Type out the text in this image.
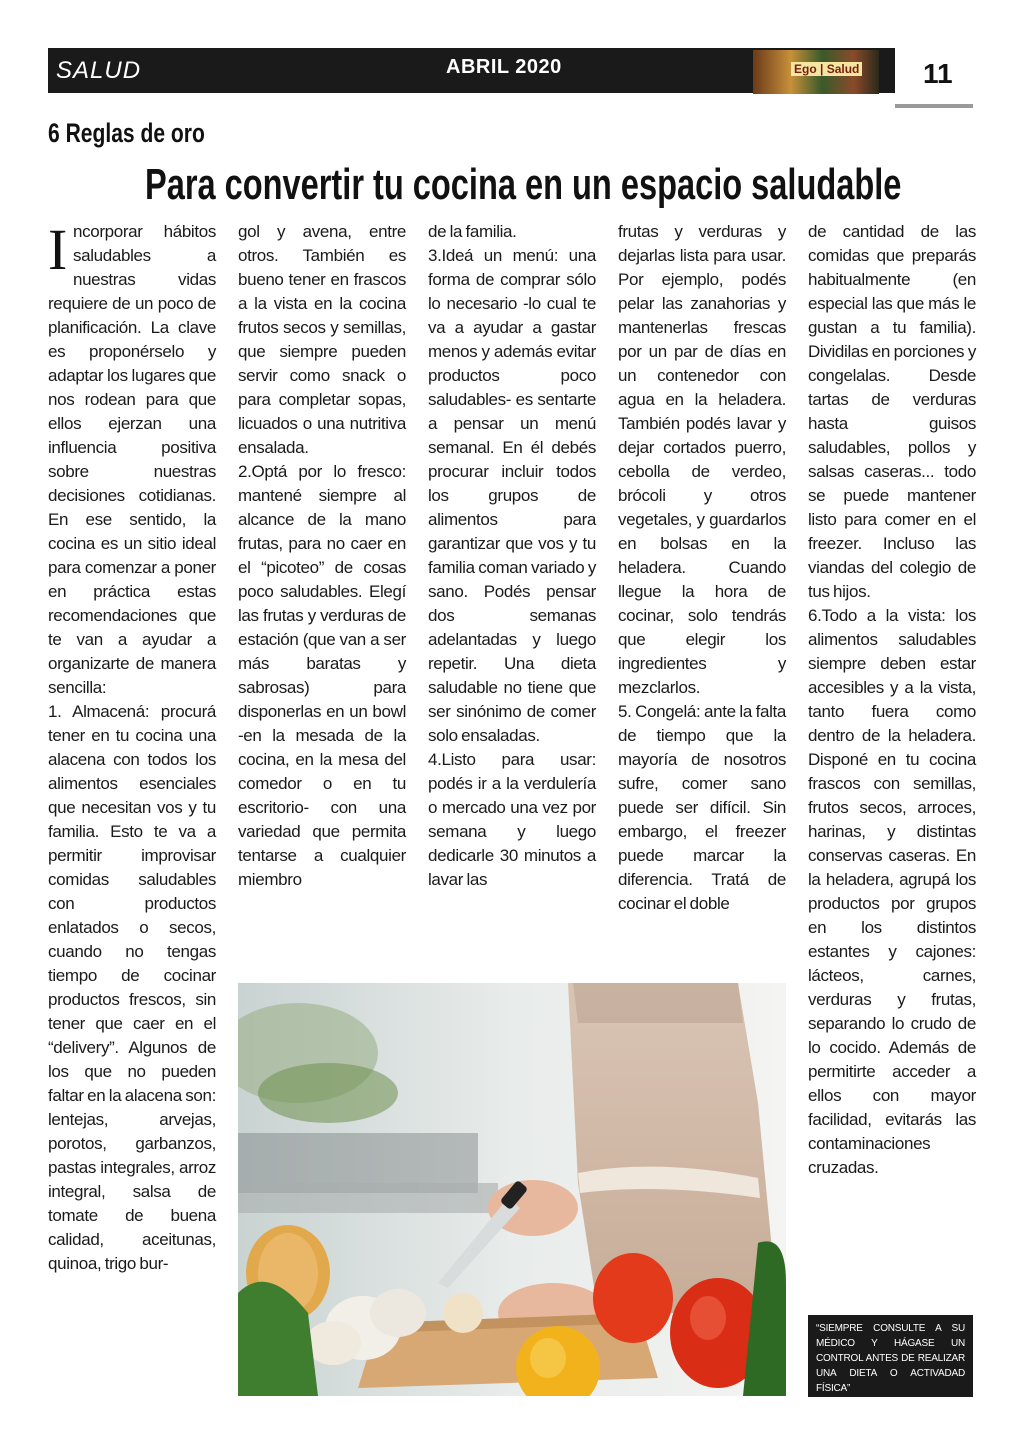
SALUD	ABRIL 2020	Ego | Salud 11
6 Reglas de oro
Para convertir tu cocina en un espacio saludable

Incorporar hábitos saludables a nuestras vidas requiere de un poco de planificación. La clave es proponérselo y adaptar los lugares que nos rodean para que ellos ejerzan una influencia positiva sobre nuestras decisiones cotidianas. En ese sentido, la cocina es un sitio ideal para comenzar a poner en práctica estas recomendaciones que te van a ayudar a organizarte de manera sencilla:

1. Almacená: procurá tener en tu cocina una alacena con todos los alimentos esenciales que necesitan vos y tu familia. Esto te va a permitir improvisar comidas saludables con productos enlatados o secos, cuando no tengas tiempo de cocinar productos frescos, sin tener que caer en el “delivery”. Algunos de los que no pueden faltar en la alacena son: lentejas, arvejas, porotos, garbanzos, pastas integrales, arroz integral, salsa de tomate de buena calidad, aceitunas, quinoa, trigo bur-

gol y avena, entre otros. También es bueno tener en frascos a la vista en la cocina frutos secos y semillas, que siempre pueden servir como snack o para completar sopas, licuados o una nutritiva ensalada.

2.Optá por lo fresco: mantené siempre al alcance de la mano frutas, para no caer en el “picoteo” de cosas poco saludables. Elegí las frutas y verduras de estación (que van a ser más baratas y sabrosas) para disponerlas en un bowl -en la mesada de la cocina, en la mesa del comedor o en tu escritorio- con una variedad que permita tentarse a cualquier miembro

de la familia.

3.Ideá un menú: una forma de comprar sólo lo necesario -lo cual te va a ayudar a gastar menos y además evitar productos poco saludables- es sentarte a pensar un menú semanal. En él debés procurar incluir todos los grupos de alimentos para garantizar que vos y tu familia coman variado y sano. Podés pensar dos semanas adelantadas y luego repetir. Una dieta saludable no tiene que ser sinónimo de comer solo ensaladas.

4.Listo para usar: podés ir a la verdulería o mercado una vez por semana y luego dedicarle 30 minutos a lavar las

frutas y verduras y dejarlas lista para usar. Por ejemplo, podés pelar las zanahorias y mantenerlas frescas por un par de días en un contenedor con agua en la heladera. También podés lavar y dejar cortados puerro, cebolla de verdeo, brócoli y otros vegetales, y guardarlos en bolsas en la heladera. Cuando llegue la hora de cocinar, solo tendrás que elegir los ingredientes y mezclarlos.

5. Congelá: ante la falta de tiempo que la mayoría de nosotros sufre, comer sano puede ser difícil. Sin embargo, el freezer puede marcar la diferencia. Tratá de cocinar el doble

de cantidad de las comidas que preparás habitualmente (en especial las que más le gustan a tu familia). Dividilas en porciones y congelalas. Desde tartas de verduras hasta guisos saludables, pollos y salsas caseras... todo se puede mantener listo para comer en el freezer. Incluso las viandas del colegio de tus hijos.

6.Todo a la vista: los alimentos saludables siempre deben estar accesibles y a la vista, tanto fuera como dentro de la heladera. Disponé en tu cocina frascos con semillas, frutos secos, arroces, harinas, y distintas conservas caseras. En la heladera, agrupá los productos por grupos en los distintos estantes y cajones: lácteos, carnes, verduras y frutas, separando lo crudo de lo cocido. Además de permitirte acceder a ellos con mayor facilidad, evitarás las contaminaciones cruzadas.

“SIEMPRE CONSULTE A SU MÉDICO Y HÁGASE UN CONTROL ANTES DE REALIZAR UNA DIETA O ACTIVADAD FÍSICA”
